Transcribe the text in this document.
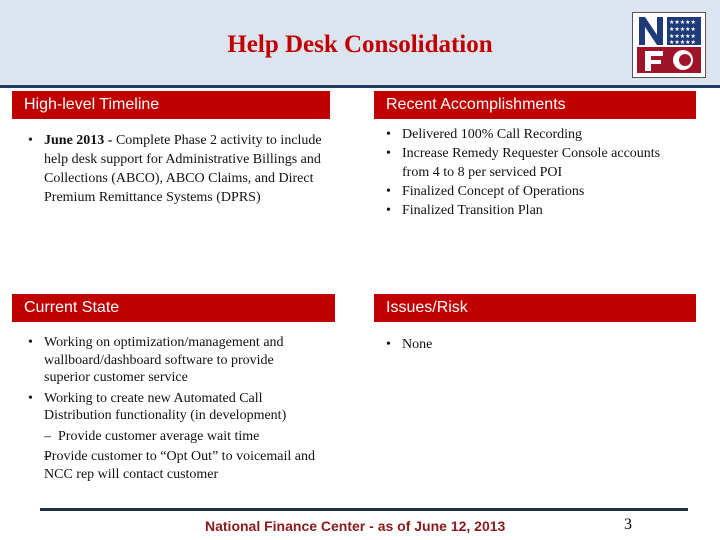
Help Desk Consolidation
★★★★★
★★★★★
★★★★★
★★★★★
High-level Timeline
• June 2013 - Complete Phase 2 activity to include help desk support for Administrative Billings and Collections (ABCO), ABCO Claims, and Direct Premium Remittance Systems (DPRS)
Recent Accomplishments
• Delivered 100% Call Recording
• Increase Remedy Requester Console accounts from 4 to 8 per serviced POI
• Finalized Concept of Operations
• Finalized Transition Plan
Current State
• Working on optimization/management and wallboard/dashboard software to provide superior customer service
• Working to create new Automated Call Distribution functionality (in development)
– Provide customer average wait time
– Provide customer to “Opt Out” to voicemail and NCC rep will contact customer
Issues/Risk
• None
National Finance Center - as of June 12, 2013	3
